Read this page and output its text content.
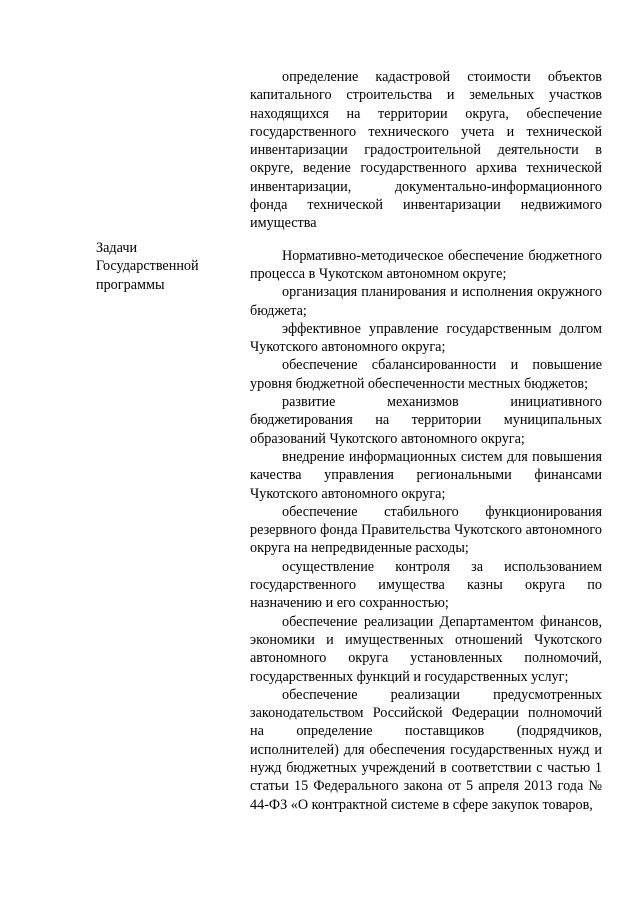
определение кадастровой стоимости объектов капитального строительства и земельных участков находящихся на территории округа, обеспечение государственного технического учета и технической инвентаризации градостроительной деятельности в округе, ведение государственного архива технической инвентаризации, документально-информационного фонда технической инвентаризации недвижимого имущества

Нормативно-методическое обеспечение бюджетного процесса в Чукотском автономном округе;

организация планирования и исполнения окружного бюджета;

эффективное управление государственным долгом Чукотского автономного округа;

обеспечение сбалансированности и повышение уровня бюджетной обеспеченности местных бюджетов;

развитие механизмов инициативного бюджетирования на территории муниципальных образований Чукотского автономного округа;

внедрение информационных систем для повышения качества управления региональными финансами Чукотского автономного округа;

обеспечение стабильного функционирования резервного фонда Правительства Чукотского автономного округа на непредвиденные расходы;

осуществление контроля за использованием государственного имущества казны округа по назначению и его сохранностью;

обеспечение реализации Департаментом финансов, экономики и имущественных отношений Чукотского автономного округа установленных полномочий, государственных функций и государственных услуг;

обеспечение реализации предусмотренных законодательством Российской Федерации полномочий на определение поставщиков (подрядчиков, исполнителей) для обеспечения государственных нужд и нужд бюджетных учреждений в соответствии с частью 1 статьи 15 Федерального закона от 5 апреля 2013 года № 44-ФЗ «О контрактной системе в сфере закупок товаров,

Задачи
Государственной
программы
